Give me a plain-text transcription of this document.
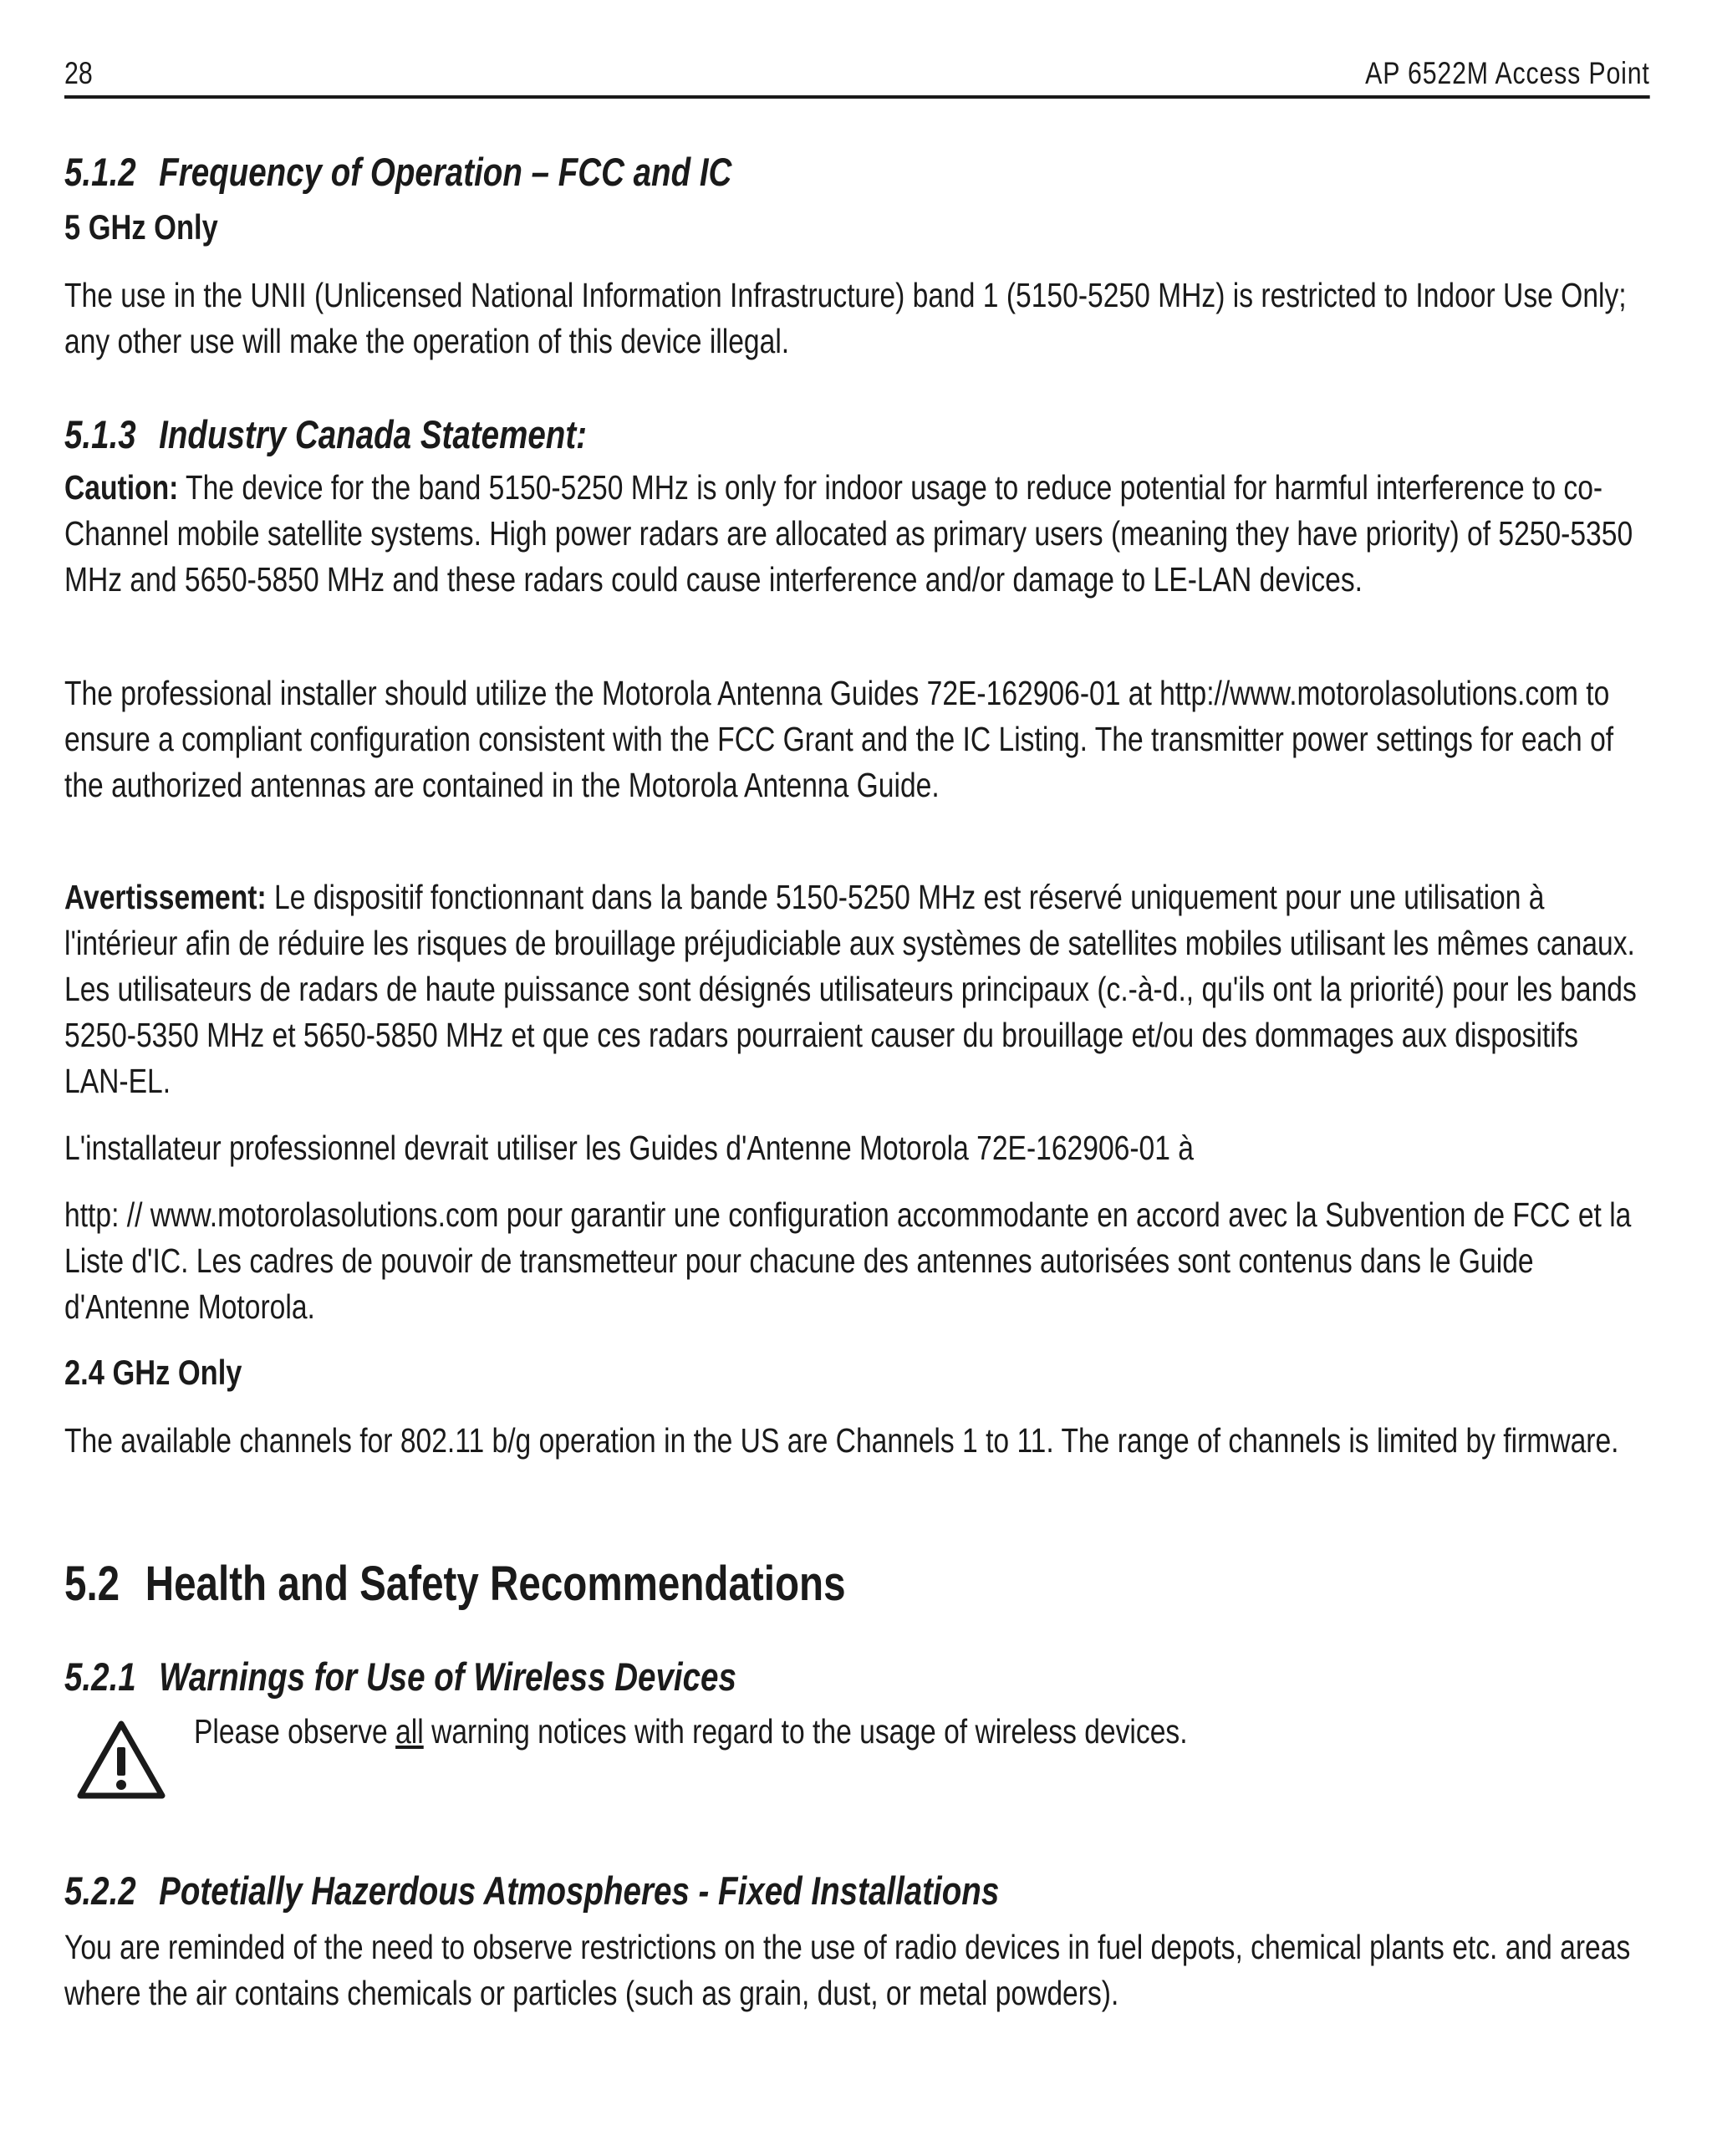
28	AP 6522M Access Point
5.1.2 Frequency of Operation – FCC and IC
5 GHz Only

The use in the UNII (Unlicensed National Information Infrastructure) band 1 (5150-5250 MHz) is restricted to Indoor Use Only; any other use will make the operation of this device illegal.

5.1.3 Industry Canada Statement:

Caution: The device for the band 5150-5250 MHz is only for indoor usage to reduce potential for harmful interference to co-Channel mobile satellite systems. High power radars are allocated as primary users (meaning they have priority) of 5250-5350 MHz and 5650-5850 MHz and these radars could cause interference and/or damage to LE-LAN devices.

The professional installer should utilize the Motorola Antenna Guides 72E-162906-01 at http://www.motorolasolutions.com to ensure a compliant configuration consistent with the FCC Grant and the IC Listing. The transmitter power settings for each of the authorized antennas are contained in the Motorola Antenna Guide.

Avertissement: Le dispositif fonctionnant dans la bande 5150-5250 MHz est réservé uniquement pour une utilisation à l'intérieur afin de réduire les risques de brouillage préjudiciable aux systèmes de satellites mobiles utilisant les mêmes canaux. Les utilisateurs de radars de haute puissance sont désignés utilisateurs principaux (c.-à-d., qu'ils ont la priorité) pour les bands 5250-5350 MHz et 5650-5850 MHz et que ces radars pourraient causer du brouillage et/ou des dommages aux dispositifs LAN-EL.

L'installateur professionnel devrait utiliser les Guides d'Antenne Motorola 72E-162906-01 à

http: // www.motorolasolutions.com pour garantir une configuration accommodante en accord avec la Subvention de FCC et la Liste d'IC. Les cadres de pouvoir de transmetteur pour chacune des antennes autorisées sont contenus dans le Guide d'Antenne Motorola.

2.4 GHz Only

The available channels for 802.11 b/g operation in the US are Channels 1 to 11. The range of channels is limited by firmware.

5.2 Health and Safety Recommendations
5.2.1 Warnings for Use of Wireless Devices

Please observe all warning notices with regard to the usage of wireless devices.

5.2.2 Potetially Hazerdous Atmospheres - Fixed Installations

You are reminded of the need to observe restrictions on the use of radio devices in fuel depots, chemical plants etc. and areas where the air contains chemicals or particles (such as grain, dust, or metal powders).
